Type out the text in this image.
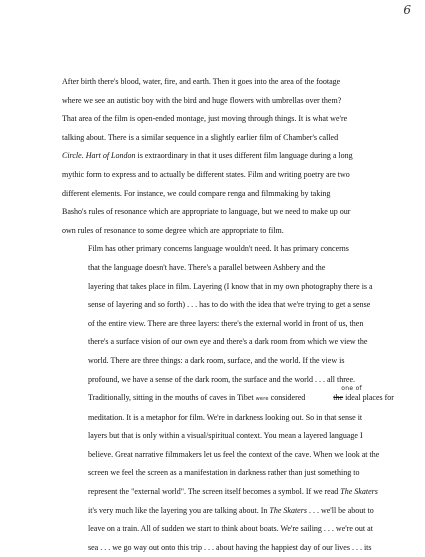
6

After birth there's blood, water, fire, and earth. Then it goes into the area of the footage
where we see an autistic boy with the bird and huge flowers with umbrellas over them?
That area of the film is open-ended montage, just moving through things. It is what we're
talking about. There is a similar sequence in a slightly earlier film of Chamber's called
Circle. Hart of London is extraordinary in that it uses different film language during a long
mythic form to express and to actually be different states. Film and writing poetry are two
different elements. For instance, we could compare renga and filmmaking by taking
Basho's rules of resonance which are appropriate to language, but we need to make up our
own rules of resonance to some degree which are appropriate to film.

Film has other primary concerns language wouldn't need. It has primary concerns
that the language doesn't have. There's a parallel between Ashbery and the
layering that takes place in film. Layering (I know that in my own photography there is a
sense of layering and so forth) . . . has to do with the idea that we're trying to get a sense
of the entire view. There are three layers: there's the external world in front of us, then
there's a surface vision of our own eye and there's a dark room from which we view the
world. There are three things: a dark room, surface, and the world. If the view is
profound, we have a sense of the dark room, the surface and the world . . . all three.
Traditionally, sitting in the mouths of caves in Tibet were considered
one of
the ideal places for
meditation. It is a metaphor for film. We're in darkness looking out. So in that sense it
layers but that is only within a visual/spiritual context. You mean a layered language I
believe. Great narrative filmmakers let us feel the context of the cave. When we look at the
screen we feel the screen as a manifestation in darkness rather than just something to
represent the "external world". The screen itself becomes a symbol. If we read The Skaters
it's very much like the layering you are talking about. In The Skaters . . . we'll be about to
leave on a train. All of sudden we start to think about boats. We're sailing . . . we're out at
sea . . . we go way out onto this trip . . . about having the happiest day of our lives . . . its
